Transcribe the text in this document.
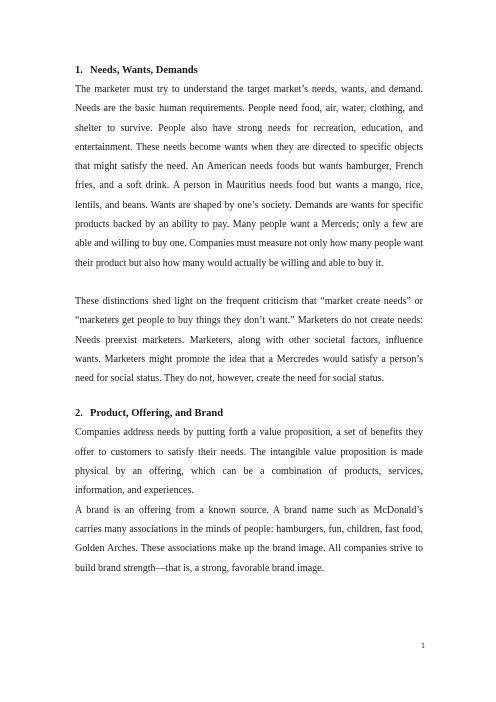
1. Needs, Wants, Demands

The marketer must try to understand the target market’s needs, wants, and demand. Needs are the basic human requirements. People need food, air, water, clothing, and shelter to survive. People also have strong needs for recreation, education, and entertainment. These needs become wants when they are directed to specific objects that might satisfy the need. An American needs foods but wants hamburger, French fries, and a soft drink. A person in Mauritius needs food but wants a mango, rice, lentils, and beans. Wants are shaped by one’s society. Demands are wants for specific products backed by an ability to pay. Many people want a Merceds; only a few are able and willing to buy one. Companies must measure not only how many people want their product but also how many would actually be willing and able to buy it.

These distinctions shed light on the frequent criticism that “market create needs” or “marketers get people to buy things they don’t want.” Marketers do not create needs: Needs preexist marketers. Marketers, along with other societal factors, influence wants. Marketers might promote the idea that a Mercredes would satisfy a person’s need for social status. They do not, however, create the need for social status.

2. Product, Offering, and Brand

Companies address needs by putting forth a value proposition, a set of benefits they offer to customers to satisfy their needs. The intangible value proposition is made physical by an offering, which can be a combination of products, services, information, and experiences.

A brand is an offering from a known source. A brand name such as McDonald’s carries many associations in the minds of people: hamburgers, fun, children, fast food, Golden Arches. These associations make up the brand image. All companies strive to build brand strength—that is, a strong, favorable brand image.

1
